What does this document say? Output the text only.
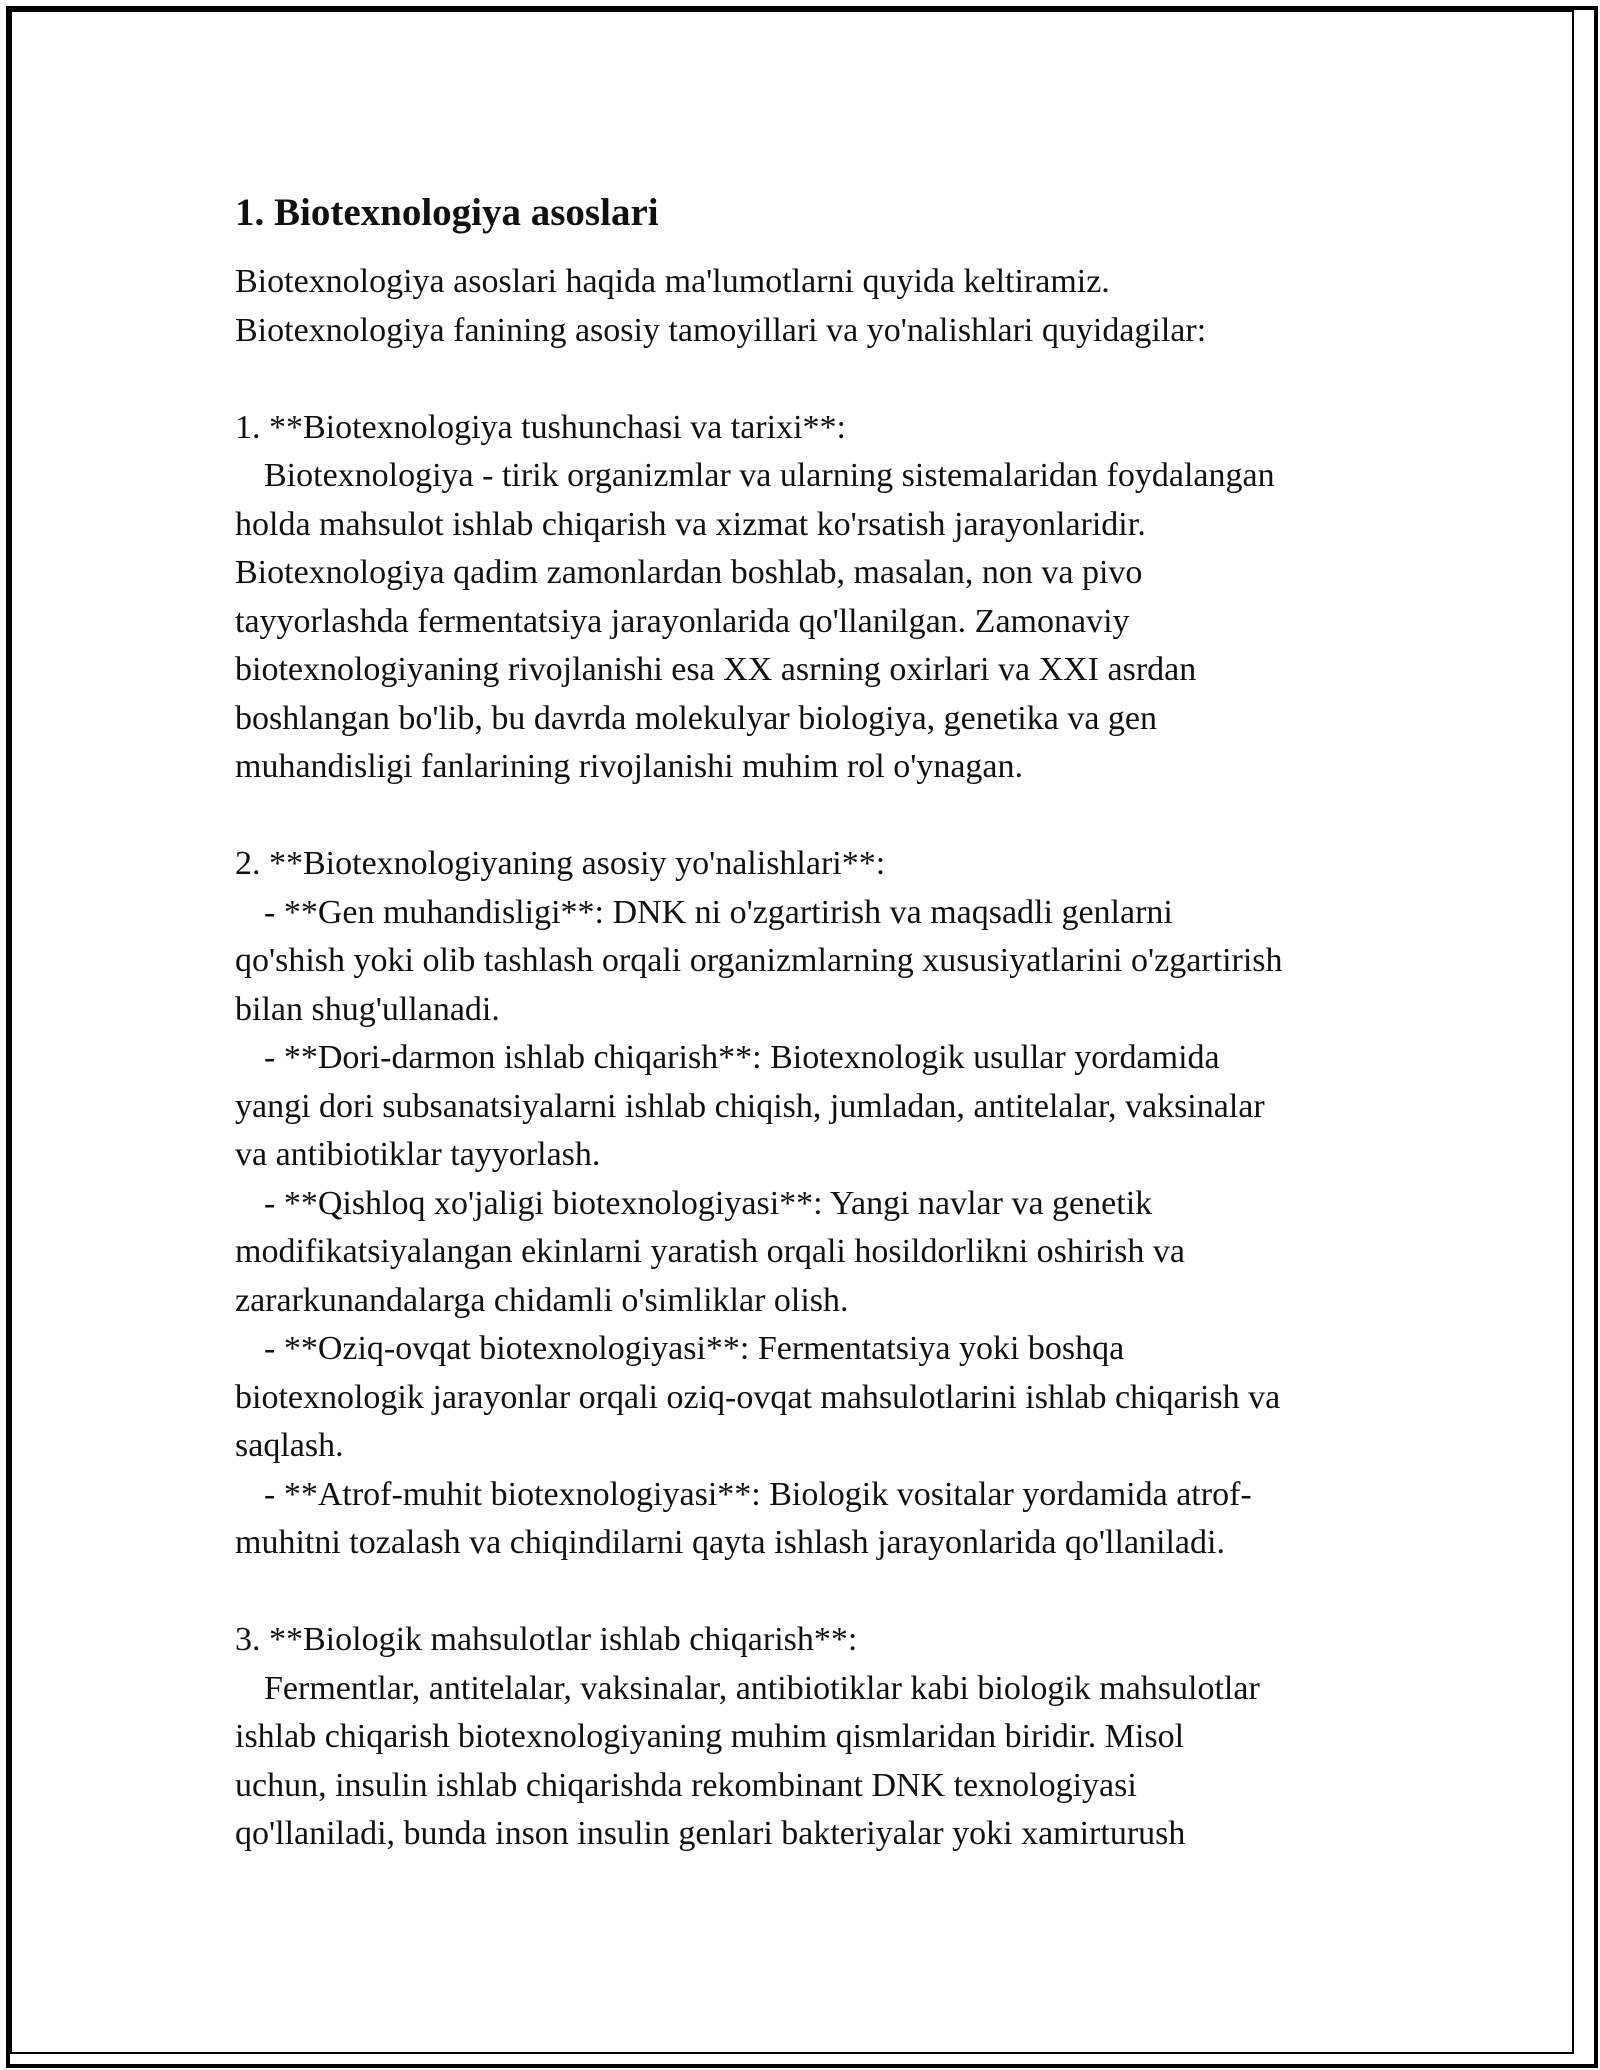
1. Biotexnologiya asoslari
Biotexnologiya asoslari haqida ma'lumotlarni quyida keltiramiz.
Biotexnologiya fanining asosiy tamoyillari va yo'nalishlari quyidagilar:
1. **Biotexnologiya tushunchasi va tarixi**:
Biotexnologiya - tirik organizmlar va ularning sistemalaridan foydalangan
holda mahsulot ishlab chiqarish va xizmat ko'rsatish jarayonlaridir.
Biotexnologiya qadim zamonlardan boshlab, masalan, non va pivo
tayyorlashda fermentatsiya jarayonlarida qo'llanilgan. Zamonaviy
biotexnologiyaning rivojlanishi esa XX asrning oxirlari va XXI asrdan
boshlangan bo'lib, bu davrda molekulyar biologiya, genetika va gen
muhandisligi fanlarining rivojlanishi muhim rol o'ynagan.
2. **Biotexnologiyaning asosiy yo'nalishlari**:
- **Gen muhandisligi**: DNK ni o'zgartirish va maqsadli genlarni
qo'shish yoki olib tashlash orqali organizmlarning xususiyatlarini o'zgartirish
bilan shug'ullanadi.
- **Dori-darmon ishlab chiqarish**: Biotexnologik usullar yordamida
yangi dori subsanatsiyalarni ishlab chiqish, jumladan, antitelalar, vaksinalar
va antibiotiklar tayyorlash.
- **Qishloq xo'jaligi biotexnologiyasi**: Yangi navlar va genetik
modifikatsiyalangan ekinlarni yaratish orqali hosildorlikni oshirish va
zararkunandalarga chidamli o'simliklar olish.
- **Oziq-ovqat biotexnologiyasi**: Fermentatsiya yoki boshqa
biotexnologik jarayonlar orqali oziq-ovqat mahsulotlarini ishlab chiqarish va
saqlash.
- **Atrof-muhit biotexnologiyasi**: Biologik vositalar yordamida atrof-
muhitni tozalash va chiqindilarni qayta ishlash jarayonlarida qo'llaniladi.
3. **Biologik mahsulotlar ishlab chiqarish**:
Fermentlar, antitelalar, vaksinalar, antibiotiklar kabi biologik mahsulotlar
ishlab chiqarish biotexnologiyaning muhim qismlaridan biridir. Misol
uchun, insulin ishlab chiqarishda rekombinant DNK texnologiyasi
qo'llaniladi, bunda inson insulin genlari bakteriyalar yoki xamirturush
